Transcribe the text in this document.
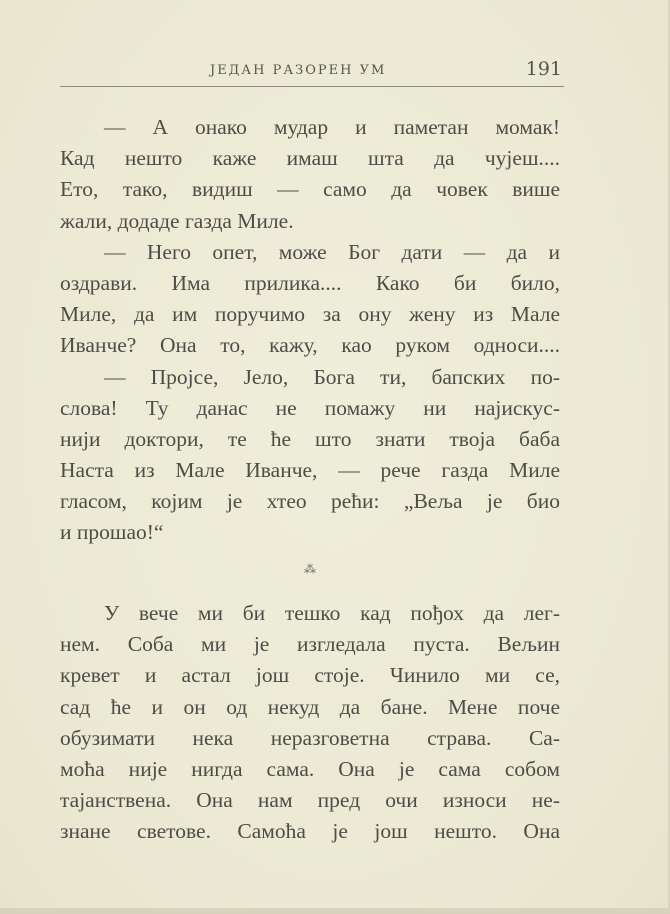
ЈЕДАН РАЗОРЕН УМ	191
— А онако мудар и паметан момак!
Кад нешто каже имаш шта да чујеш....
Ето, тако, видиш — само да човек више
жали, додаде газда Миле.
— Него опет, може Бог дати — да и
оздрави. Има прилика.... Како би било,
Миле, да им поручимо за ону жену из Мале
Иванче? Она то, кажу, као руком односи....
— Пројсе, Јело, Бога ти, бапских по-
слова! Ту данас не помажу ни најискус-
нији доктори, те ће што знати твоја баба
Наста из Мале Иванче, — рече газда Миле
гласом, којим је хтео рећи: „Веља је био
и прошао!“
⁂
У вече ми би тешко кад пођох да лег-
нем. Соба ми је изгледала пуста. Вељин
кревет и астал још стоје. Чинило ми се,
сад ће и он од некуд да бане. Мене поче
обузимати нека неразговетна страва. Са-
моћа није нигда сама. Она је сама собом
тајанствена. Она нам пред очи износи не-
знане светове. Самоћа је још нешто. Она
